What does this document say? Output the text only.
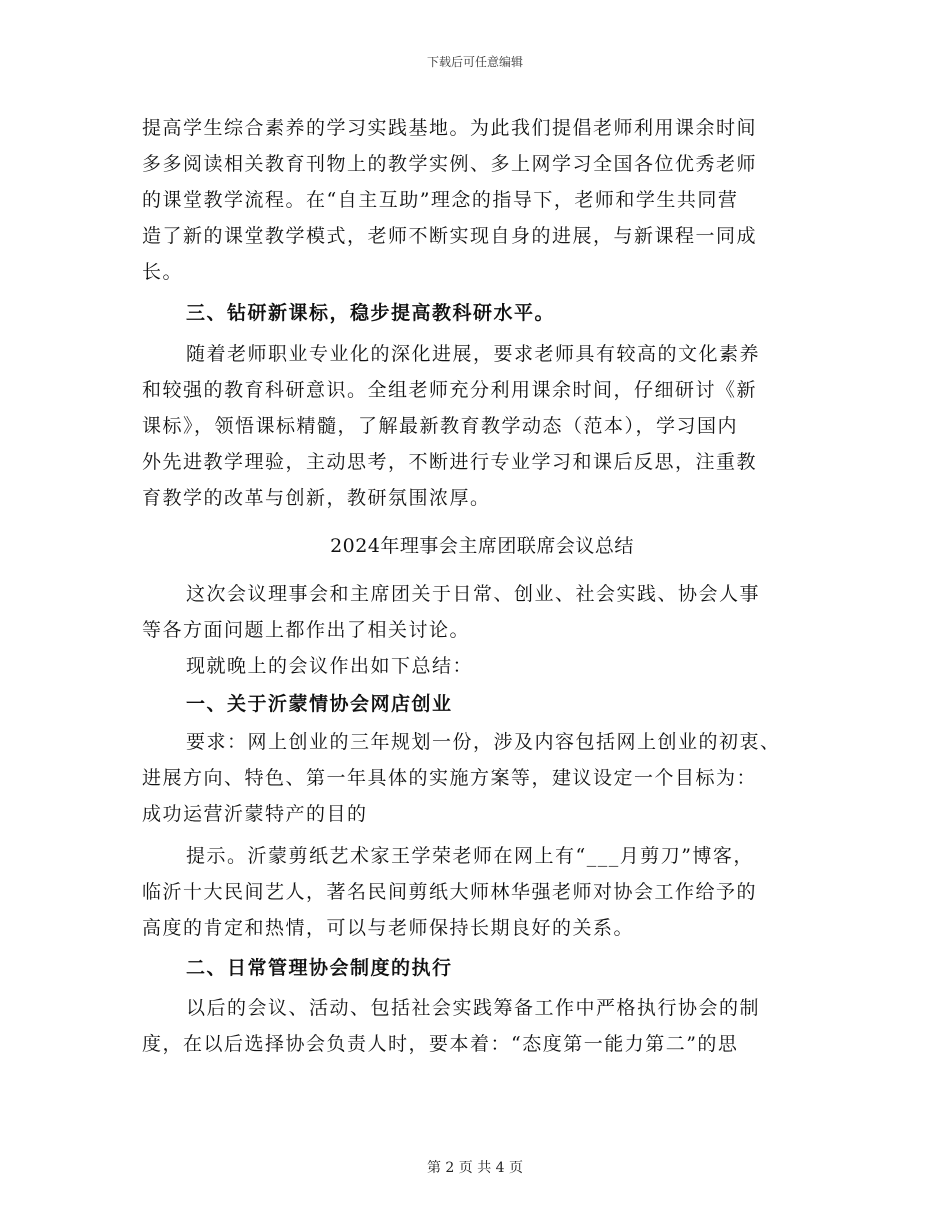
下载后可任意编辑
提高学生综合素养的学习实践基地。为此我们提倡老师利用课余时间
多多阅读相关教育刊物上的教学实例、多上网学习全国各位优秀老师
的课堂教学流程。在“自主互助”理念的指导下，老师和学生共同营
造了新的课堂教学模式，老师不断实现自身的进展，与新课程一同成
长。
三、钻研新课标，稳步提高教科研水平。
随着老师职业专业化的深化进展，要求老师具有较高的文化素养
和较强的教育科研意识。全组老师充分利用课余时间，仔细研讨《新
课标》，领悟课标精髓，了解最新教育教学动态（范本），学习国内
外先进教学理验，主动思考，不断进行专业学习和课后反思，注重教
育教学的改革与创新，教研氛围浓厚。
2024年理事会主席团联席会议总结
这次会议理事会和主席团关于日常、创业、社会实践、协会人事
等各方面问题上都作出了相关讨论。
现就晚上的会议作出如下总结：
一、关于沂蒙情协会网店创业
要求：网上创业的三年规划一份，涉及内容包括网上创业的初衷、
进展方向、特色、第一年具体的实施方案等，建议设定一个目标为：
成功运营沂蒙特产的目的
提示。沂蒙剪纸艺术家王学荣老师在网上有“___月剪刀”博客，
临沂十大民间艺人，著名民间剪纸大师林华强老师对协会工作给予的
高度的肯定和热情，可以与老师保持长期良好的关系。
二、日常管理协会制度的执行
以后的会议、活动、包括社会实践筹备工作中严格执行协会的制
度，在以后选择协会负责人时，要本着：“态度第一能力第二”的思
第 2 页 共 4 页
